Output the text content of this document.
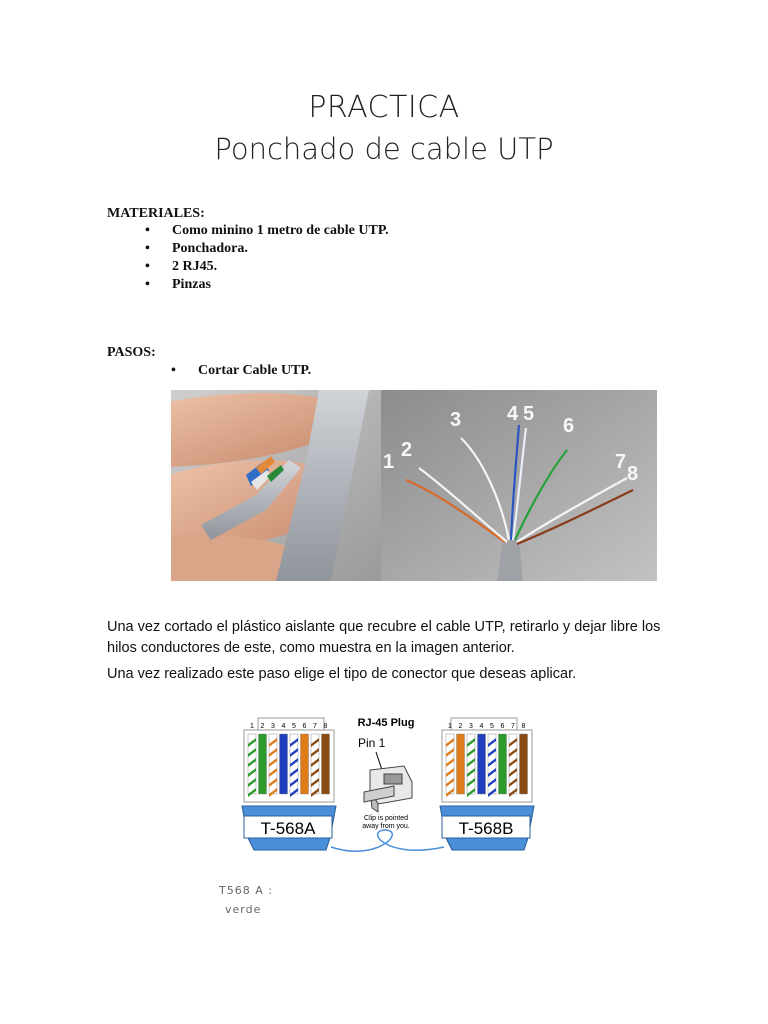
PRACTICA
Ponchado de cable UTP
MATERIALES:
• Como minino 1 metro de cable UTP.
• Ponchadora.
• 2 RJ45.
• Pinzas
PASOS:
• Cortar Cable UTP.
1
2
3 4 5
6
7
8
Una vez cortado el plástico aislante que recubre el cable UTP, retirarlo y dejar libre los hilos conductores de este, como muestra en la imagen anterior.
Una vez realizado este paso elige el tipo de conector que deseas aplicar.
1 2 3 4 5 6 7 8	1 2 3 4 5 6 7 8
T-568A	T-568B
RJ-45 Plug
Pin 1
Clip is pointed
away from you.
T568 A :
verde
